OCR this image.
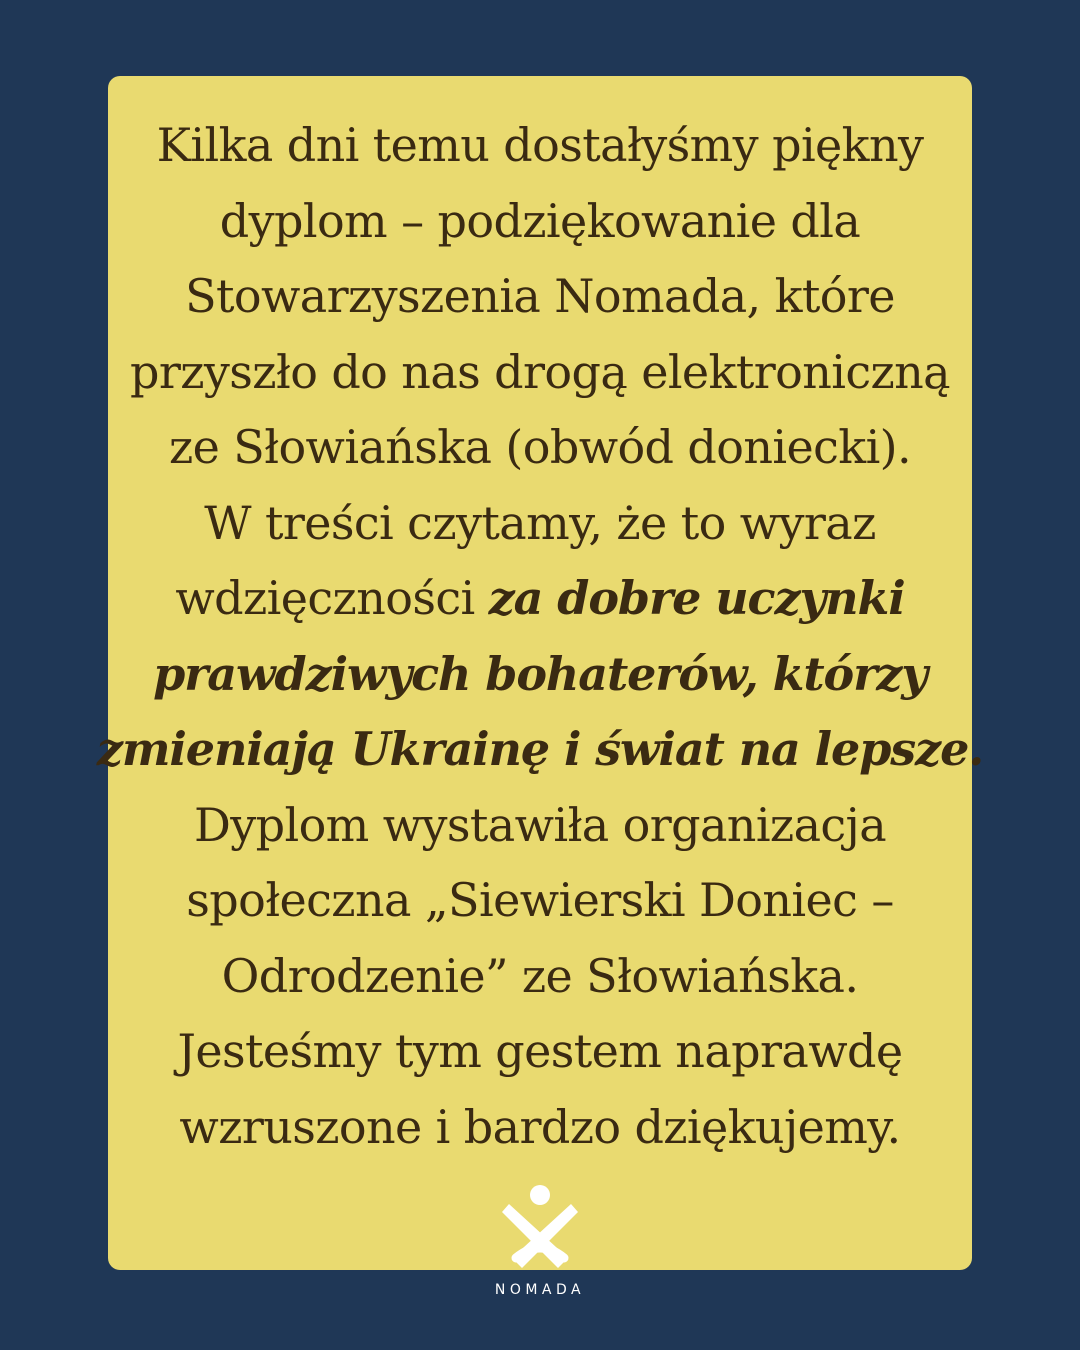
Kilka dni temu dostałyśmy piękny
dyplom – podziękowanie dla
Stowarzyszenia Nomada, które
przyszło do nas drogą elektroniczną
ze Słowiańska (obwód doniecki).
W treści czytamy, że to wyraz
wdzięczności za dobre uczynki
prawdziwych bohaterów, którzy
zmieniają Ukrainę i świat na lepsze.
Dyplom wystawiła organizacja
społeczna „Siewierski Doniec –
Odrodzenie” ze Słowiańska.
Jesteśmy tym gestem naprawdę
wzruszone i bardzo dziękujemy.

NOMADA
